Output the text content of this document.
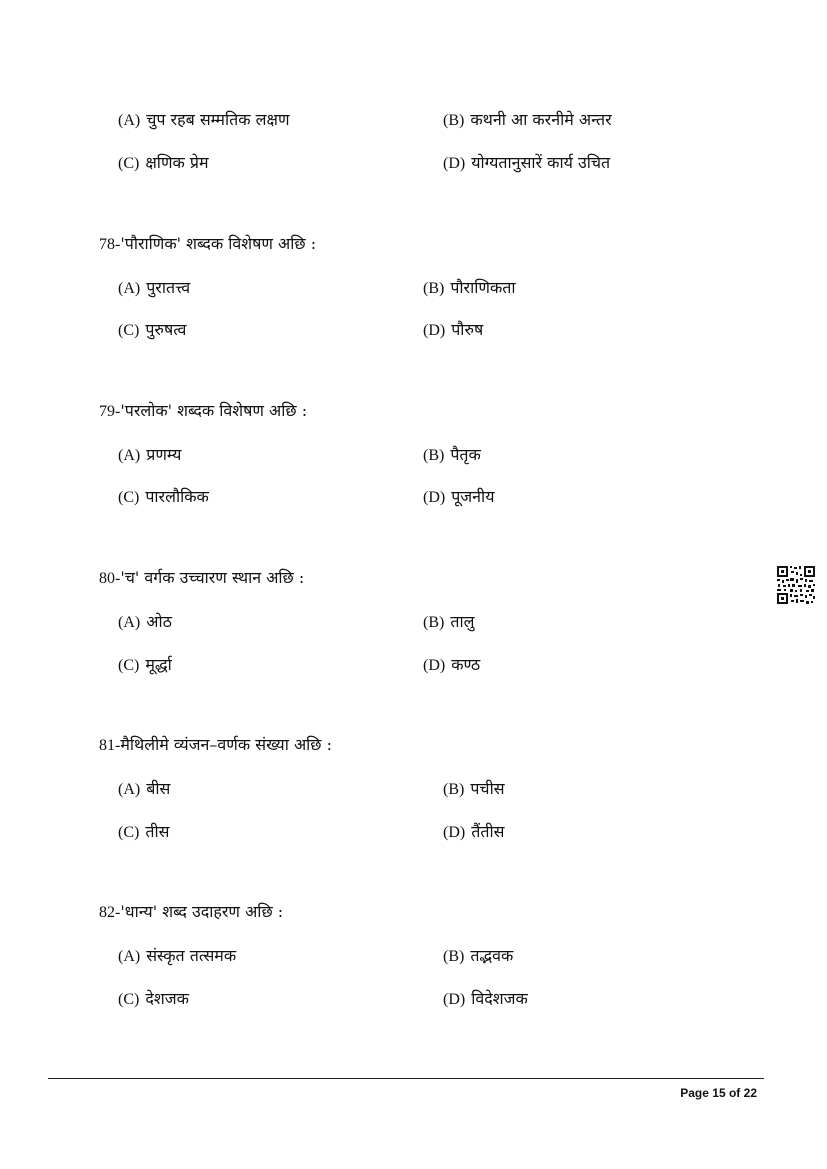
(A) चुप रहब सम्मतिक लक्षण	(B) कथनी आ करनीमे अन्तर
(C) क्षणिक प्रेम	(D) योग्यतानुसारें कार्य उचित
78-'पौराणिक' शब्दक विशेषण अछि :
(A) पुरातत्त्व	(B) पौराणिकता
(C) पुरुषत्व	(D) पौरुष
79-'परलोक' शब्दक विशेषण अछि :
(A) प्रणम्य	(B) पैतृक
(C) पारलौकिक	(D) पूजनीय
80-'च' वर्गक उच्चारण स्थान अछि :
(A) ओठ	(B) तालु
(C) मूर्द्धा	(D) कण्ठ
81-मैथिलीमे व्यंजन–वर्णक संख्या अछि :
(A) बीस	(B) पचीस
(C) तीस	(D) तैंतीस
82-'धान्य' शब्द उदाहरण अछि :
(A) संस्कृत तत्समक	(B) तद्भवक
(C) देशजक	(D) विदेशजक
Page 15 of 22
